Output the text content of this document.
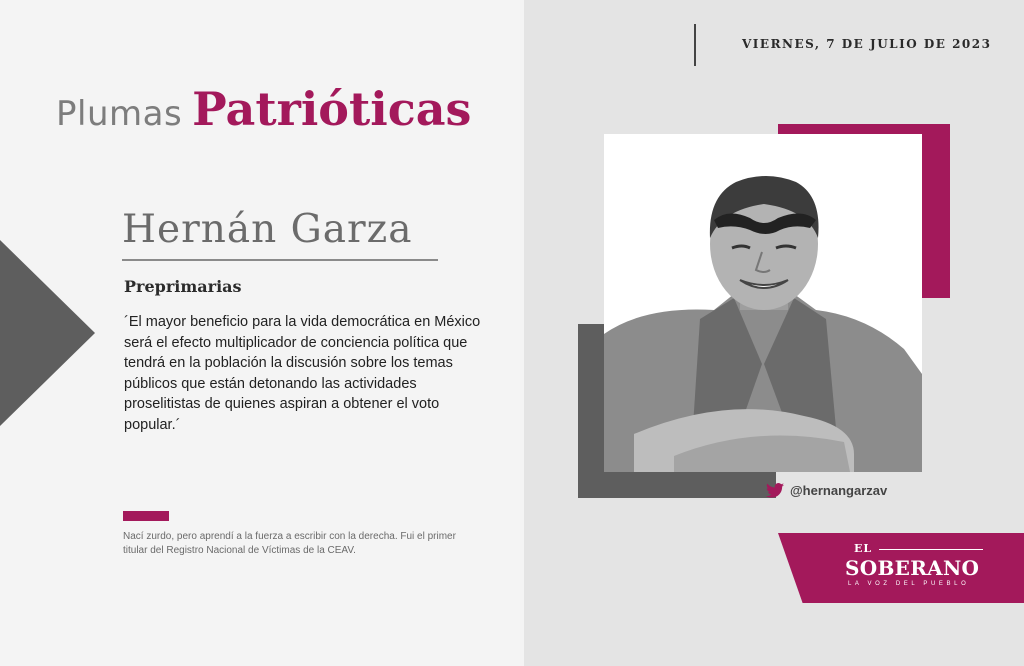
Plumas Patrióticas
Hernán Garza
Preprimarias
´El mayor beneficio para la vida democrática en México será el efecto multiplicador de conciencia política que tendrá en la población la discusión sobre los temas públicos que están detonando las actividades proselitistas de quienes aspiran a obtener el voto popular.´
Nací zurdo, pero aprendí a la fuerza a escribir con la derecha. Fui el primer titular del Registro Nacional de Víctimas de la CEAV.
VIERNES, 7 DE JULIO DE 2023
@hernangarzav
EL
SOBERANO
LA VOZ DEL PUEBLO
